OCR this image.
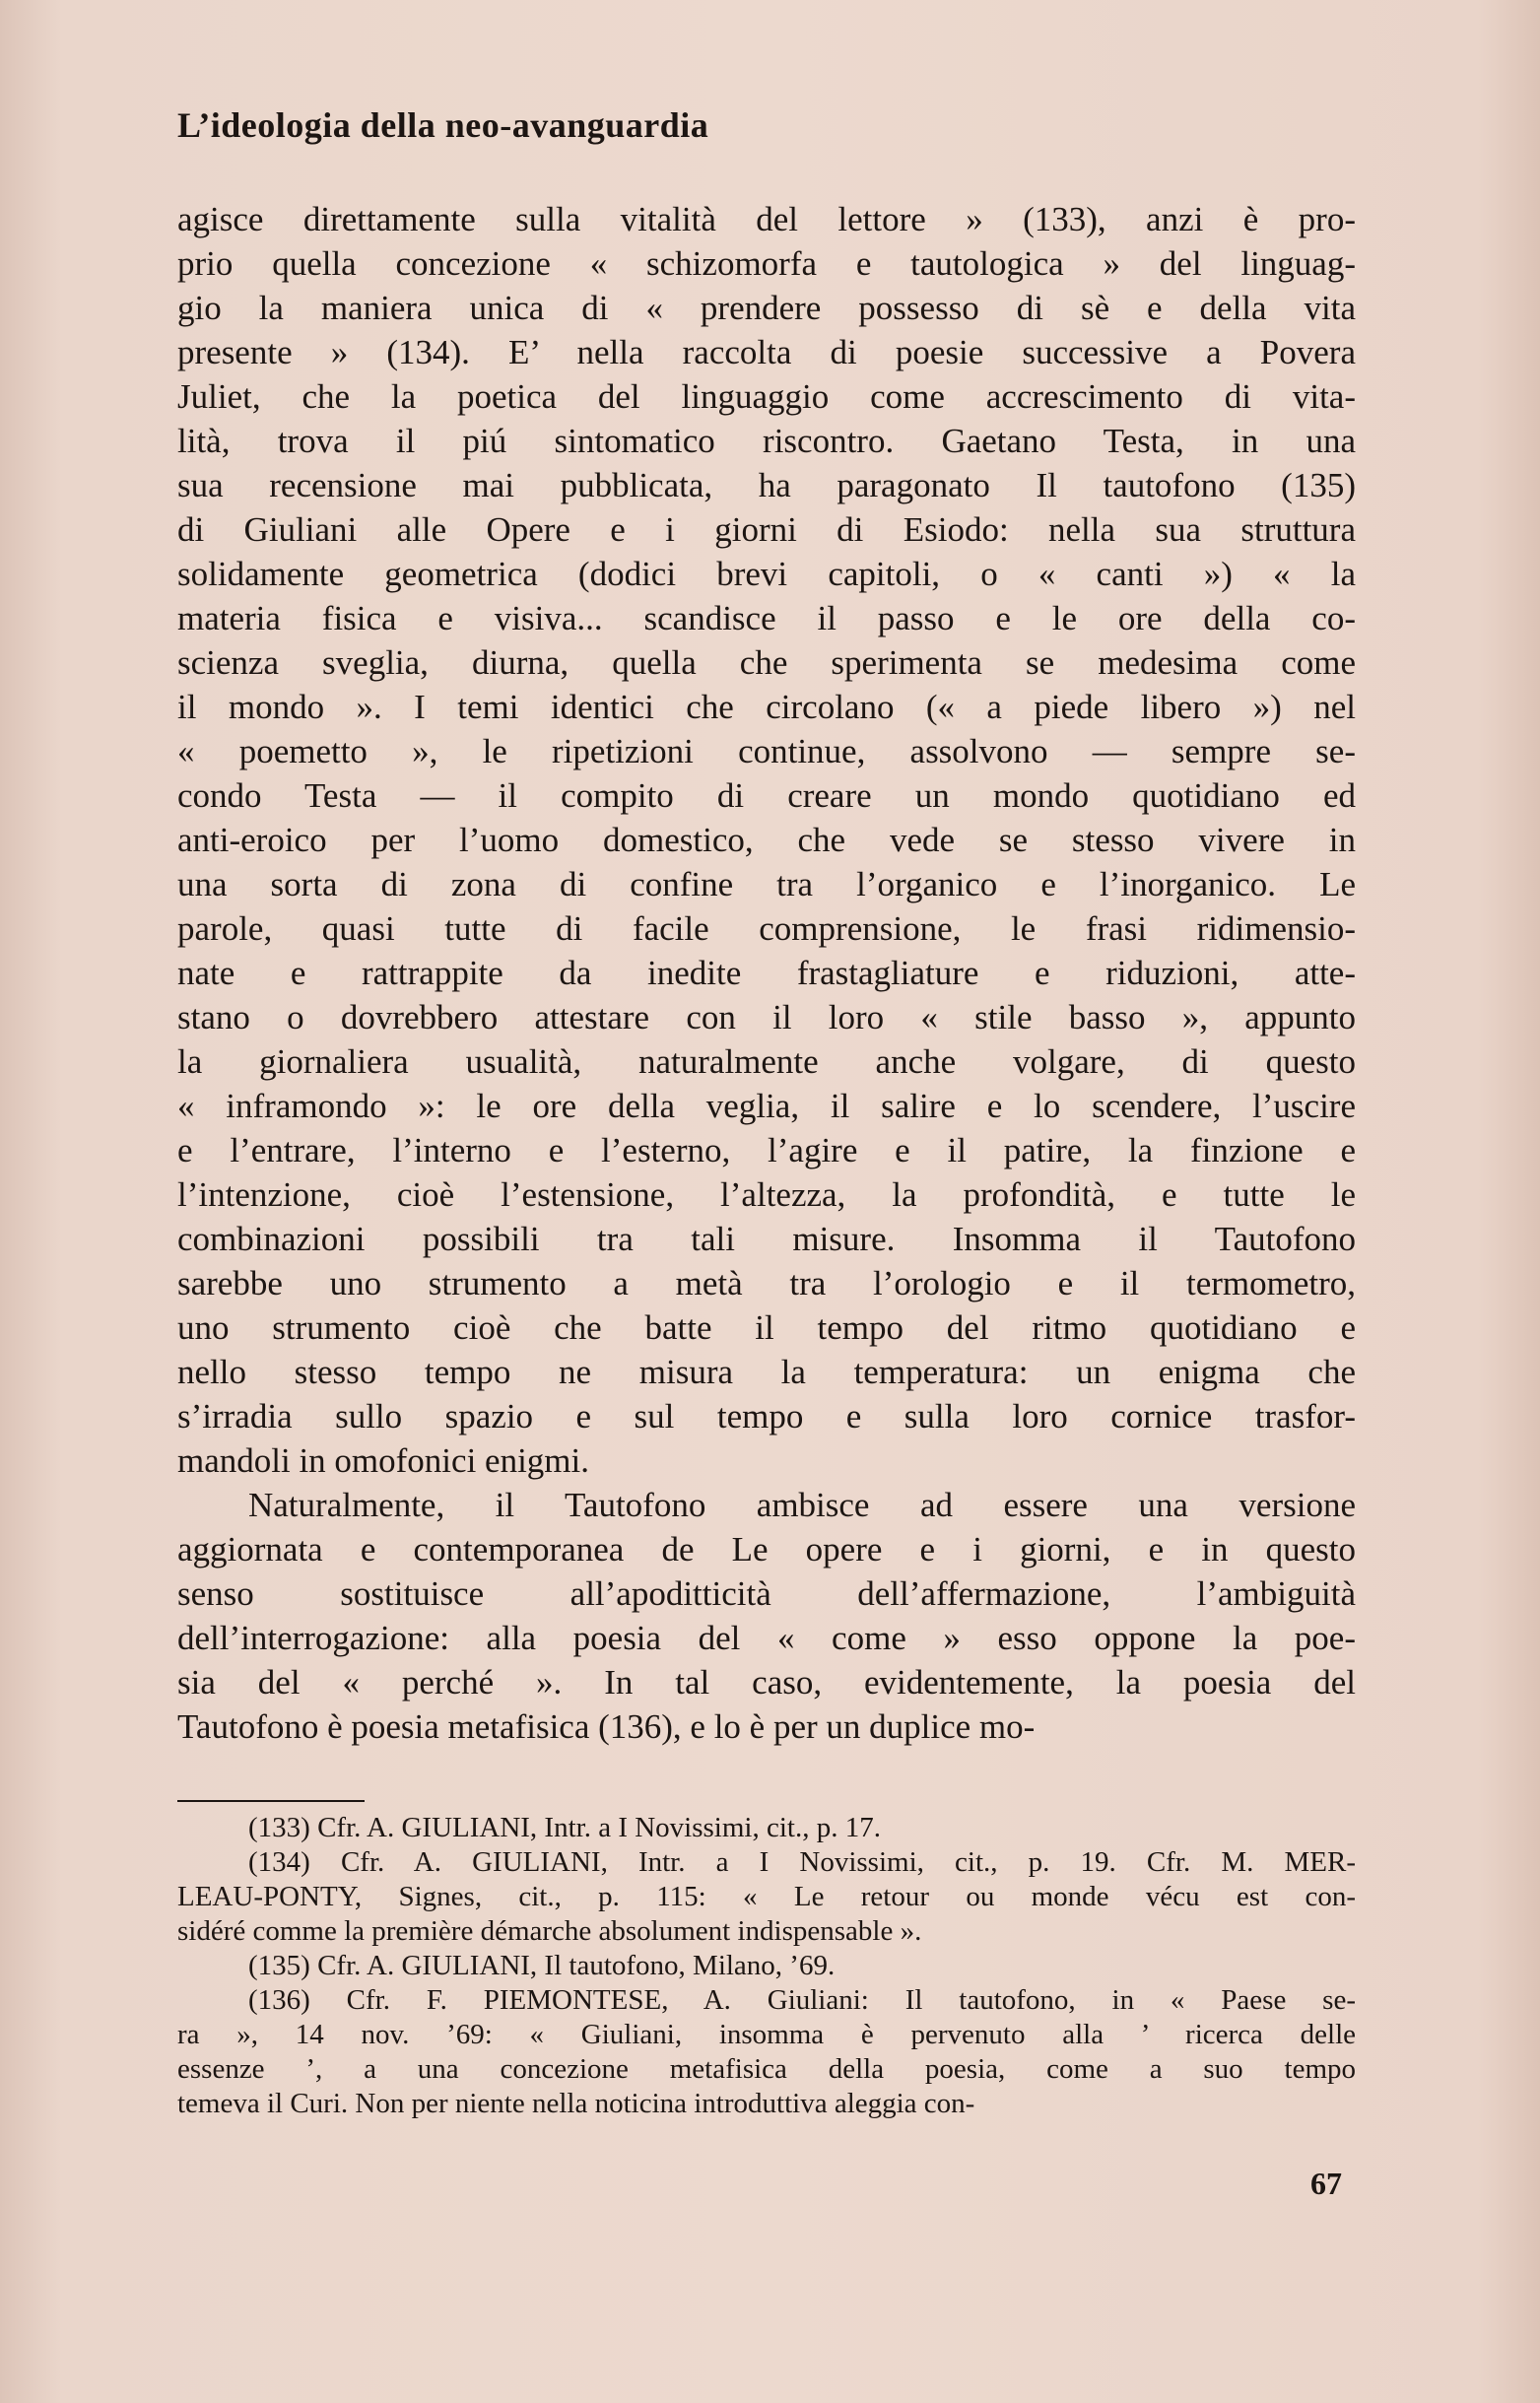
L’ideologia della neo-avanguardia
agisce direttamente sulla vitalità del lettore » (133), anzi è pro-
prio quella concezione « schizomorfa e tautologica » del linguag-
gio la maniera unica di « prendere possesso di sè e della vita
presente » (134). E’ nella raccolta di poesie successive a Povera
Juliet, che la poetica del linguaggio come accrescimento di vita-
lità, trova il piú sintomatico riscontro. Gaetano Testa, in una
sua recensione mai pubblicata, ha paragonato Il tautofono (135)
di Giuliani alle Opere e i giorni di Esiodo: nella sua struttura
solidamente geometrica (dodici brevi capitoli, o « canti ») « la
materia fisica e visiva... scandisce il passo e le ore della co-
scienza sveglia, diurna, quella che sperimenta se medesima come
il mondo ». I temi identici che circolano (« a piede libero ») nel
« poemetto », le ripetizioni continue, assolvono — sempre se-
condo Testa — il compito di creare un mondo quotidiano ed
anti-eroico per l’uomo domestico, che vede se stesso vivere in
una sorta di zona di confine tra l’organico e l’inorganico. Le
parole, quasi tutte di facile comprensione, le frasi ridimensio-
nate e rattrappite da inedite frastagliature e riduzioni, atte-
stano o dovrebbero attestare con il loro « stile basso », appunto
la giornaliera usualità, naturalmente anche volgare, di questo
« inframondo »: le ore della veglia, il salire e lo scendere, l’uscire
e l’entrare, l’interno e l’esterno, l’agire e il patire, la finzione e
l’intenzione, cioè l’estensione, l’altezza, la profondità, e tutte le
combinazioni possibili tra tali misure. Insomma il Tautofono
sarebbe uno strumento a metà tra l’orologio e il termometro,
uno strumento cioè che batte il tempo del ritmo quotidiano e
nello stesso tempo ne misura la temperatura: un enigma che
s’irradia sullo spazio e sul tempo e sulla loro cornice trasfor-
mandoli in omofonici enigmi.
Naturalmente, il Tautofono ambisce ad essere una versione
aggiornata e contemporanea de Le opere e i giorni, e in questo
senso sostituisce all’apoditticità dell’affermazione, l’ambiguità
dell’interrogazione: alla poesia del « come » esso oppone la poe-
sia del « perché ». In tal caso, evidentemente, la poesia del
Tautofono è poesia metafisica (136), e lo è per un duplice mo-
(133) Cfr. A. GIULIANI, Intr. a I Novissimi, cit., p. 17.
(134) Cfr. A. GIULIANI, Intr. a I Novissimi, cit., p. 19. Cfr. M. MER-
LEAU-PONTY, Signes, cit., p. 115: « Le retour ou monde vécu est con-
sidéré comme la première démarche absolument indispensable ».
(135) Cfr. A. GIULIANI, Il tautofono, Milano, ’69.
(136) Cfr. F. PIEMONTESE, A. Giuliani: Il tautofono, in « Paese se-
ra », 14 nov. ’69: « Giuliani, insomma è pervenuto alla ’ ricerca delle
essenze ’, a una concezione metafisica della poesia, come a suo tempo
temeva il Curi. Non per niente nella noticina introduttiva aleggia con-
67
